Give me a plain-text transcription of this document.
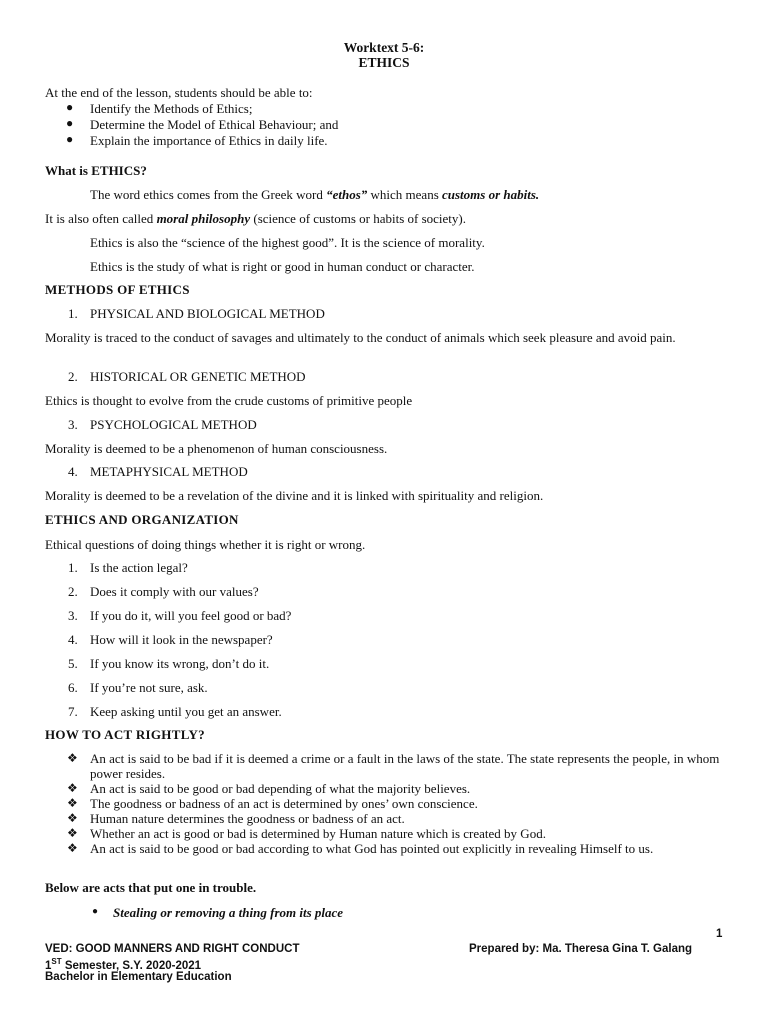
Worktext 5-6:
ETHICS
At the end of the lesson, students should be able to:
● Identify the Methods of Ethics;
● Determine the Model of Ethical Behaviour; and
● Explain the importance of Ethics in daily life.
What is ETHICS?
The word ethics comes from the Greek word “ethos” which means customs or habits.
It is also often called moral philosophy (science of customs or habits of society).
Ethics is also the “science of the highest good”. It is the science of morality.
Ethics is the study of what is right or good in human conduct or character.
METHODS OF ETHICS
1. PHYSICAL AND BIOLOGICAL METHOD
Morality is traced to the conduct of savages and ultimately to the conduct of animals which seek pleasure and avoid pain.
2. HISTORICAL OR GENETIC METHOD
Ethics is thought to evolve from the crude customs of primitive people
3. PSYCHOLOGICAL METHOD
Morality is deemed to be a phenomenon of human consciousness.
4. METAPHYSICAL METHOD
Morality is deemed to be a revelation of the divine and it is linked with spirituality and religion.
ETHICS AND ORGANIZATION
Ethical questions of doing things whether it is right or wrong.
1. Is the action legal?
2. Does it comply with our values?
3. If you do it, will you feel good or bad?
4. How will it look in the newspaper?
5. If you know its wrong, don’t do it.
6. If you’re not sure, ask.
7. Keep asking until you get an answer.
HOW TO ACT RIGHTLY?
❖ An act is said to be bad if it is deemed a crime or a fault in the laws of the state. The state represents the people, in whom power resides.
❖ An act is said to be good or bad depending of what the majority believes.
❖ The goodness or badness of an act is determined by ones’ own conscience.
❖ Human nature determines the goodness or badness of an act.
❖ Whether an act is good or bad is determined by Human nature which is created by God.
❖ An act is said to be good or bad according to what God has pointed out explicitly in revealing Himself to us.
Below are acts that put one in trouble.
● Stealing or removing a thing from its place
1
VED: GOOD MANNERS AND RIGHT CONDUCT	Prepared by: Ma. Theresa Gina T. Galang
1ST Semester, S.Y. 2020-2021
Bachelor in Elementary Education
